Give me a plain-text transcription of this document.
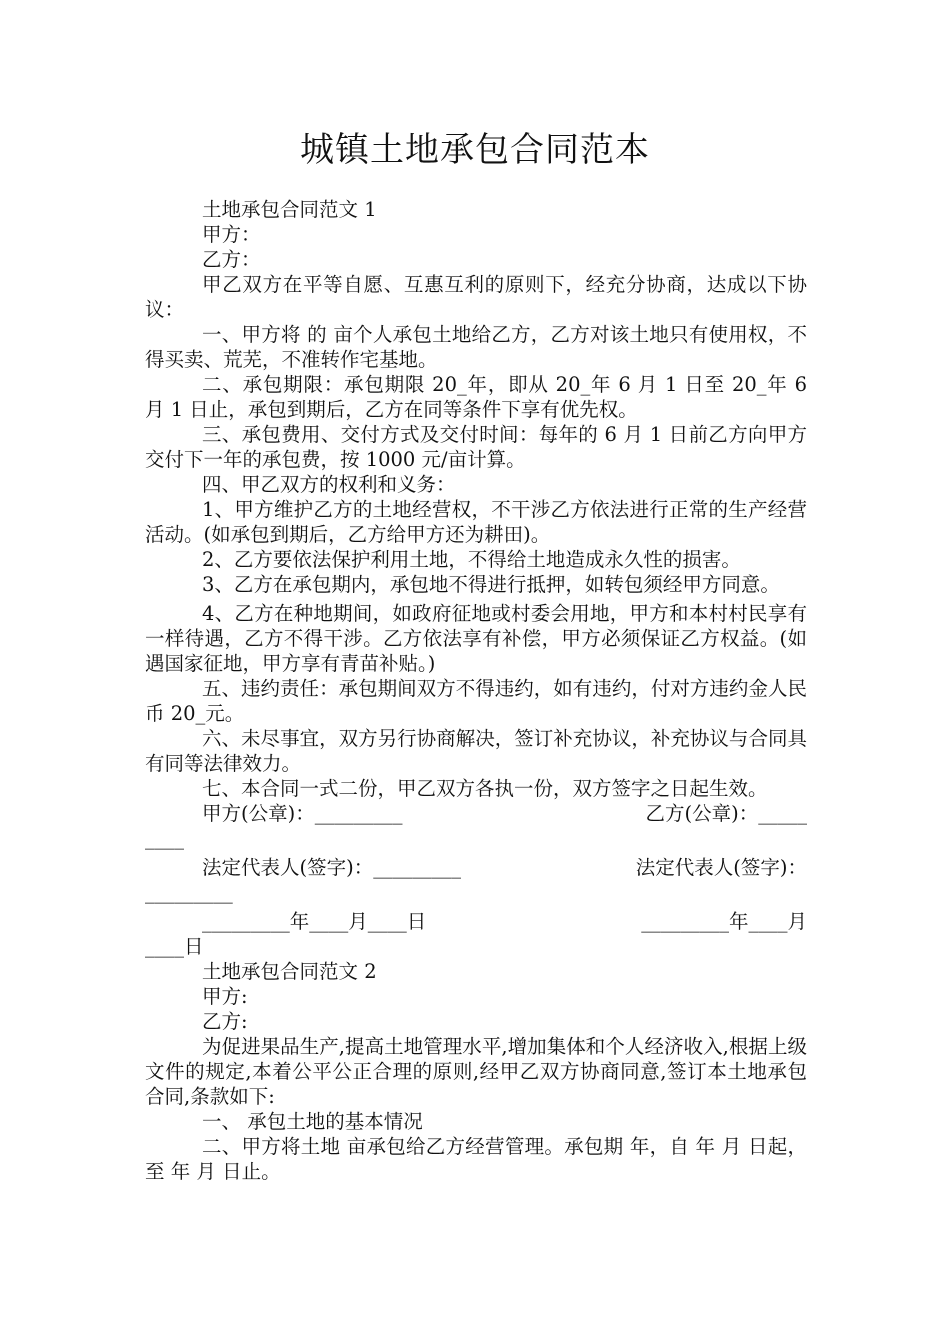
城镇土地承包合同范本

土地承包合同范文 1

甲方：

乙方：

甲乙双方在平等自愿、互惠互利的原则下，经充分协商，达成以下协议：

一、甲方将 的 亩个人承包土地给乙方，乙方对该土地只有使用权，不得买卖、荒芜，不准转作宅基地。

二、承包期限：承包期限 20_年，即从 20_年 6 月 1 日至 20_年 6 月 1 日止，承包到期后，乙方在同等条件下享有优先权。

三、承包费用、交付方式及交付时间：每年的 6 月 1 日前乙方向甲方交付下一年的承包费，按 1000 元/亩计算。

四、甲乙双方的权利和义务：

1、甲方维护乙方的土地经营权，不干涉乙方依法进行正常的生产经营活动。(如承包到期后，乙方给甲方还为耕田)。

2、乙方要依法保护利用土地，不得给土地造成永久性的损害。

3、乙方在承包期内，承包地不得进行抵押，如转包须经甲方同意。

4、乙方在种地期间，如政府征地或村委会用地，甲方和本村村民享有一样待遇，乙方不得干涉。乙方依法享有补偿，甲方必须保证乙方权益。(如遇国家征地，甲方享有青苗补贴。)

五、违约责任：承包期间双方不得违约，如有违约，付对方违约金人民币 20_元。

六、未尽事宜，双方另行协商解决，签订补充协议，补充协议与合同具有同等法律效力。

七、本合同一式二份，甲乙双方各执一份，双方签字之日起生效。

甲方(公章)：_________	乙方(公章)：_____

____

法定代表人(签字)：_________	法定代表人(签字)：

_________

_________年____月____日	_________年____月

____日

土地承包合同范文 2

甲方:

乙方:

为促进果品生产,提高土地管理水平,增加集体和个人经济收入,根据上级文件的规定,本着公平公正合理的原则,经甲乙双方协商同意,签订本土地承包合同,条款如下:

一、 承包土地的基本情况

二、甲方将土地 亩承包给乙方经营管理。承包期 年，自 年 月 日起，至 年 月 日止。
